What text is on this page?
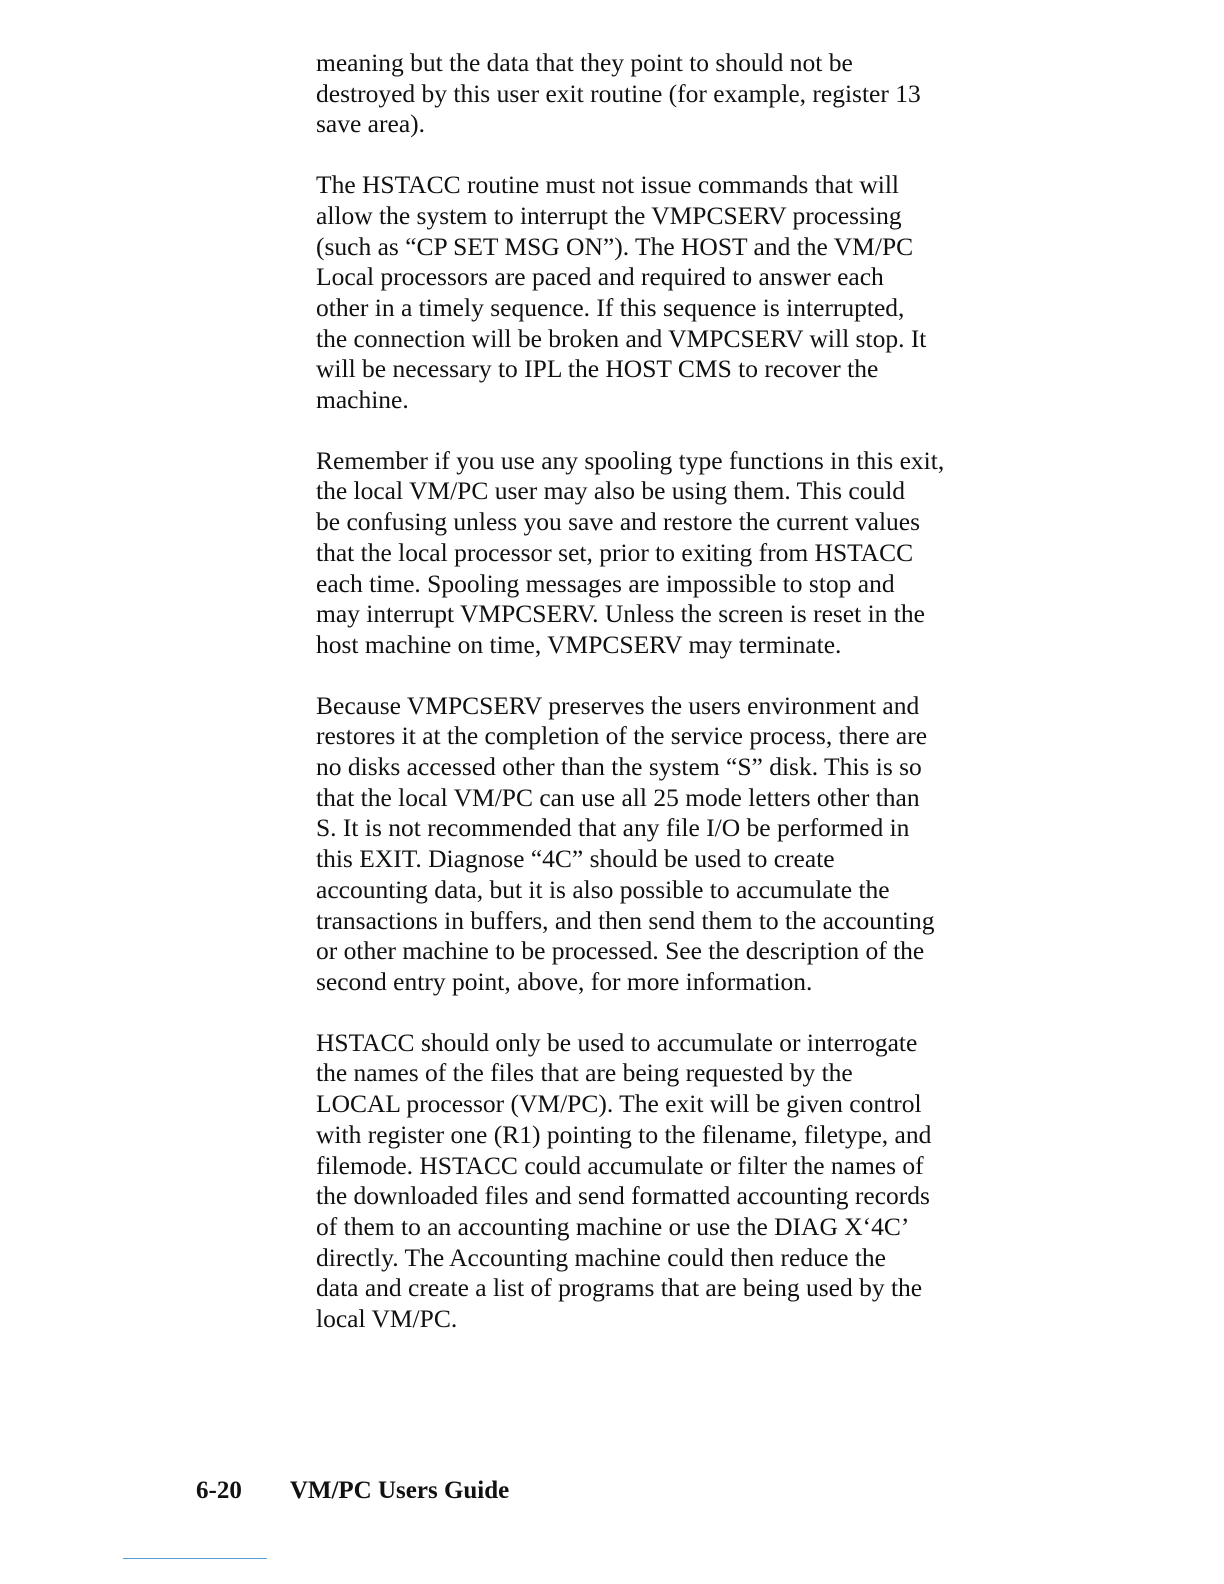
meaning but the data that they point to should not be
destroyed by this user exit routine (for example, register 13
save area).

The HSTACC routine must not issue commands that will
allow the system to interrupt the VMPCSERV processing
(such as “CP SET MSG ON”). The HOST and the VM/PC
Local processors are paced and required to answer each
other in a timely sequence. If this sequence is interrupted,
the connection will be broken and VMPCSERV will stop. It
will be necessary to IPL the HOST CMS to recover the
machine.

Remember if you use any spooling type functions in this exit,
the local VM/PC user may also be using them. This could
be confusing unless you save and restore the current values
that the local processor set, prior to exiting from HSTACC
each time. Spooling messages are impossible to stop and
may interrupt VMPCSERV. Unless the screen is reset in the
host machine on time, VMPCSERV may terminate.

Because VMPCSERV preserves the users environment and
restores it at the completion of the service process, there are
no disks accessed other than the system “S” disk. This is so
that the local VM/PC can use all 25 mode letters other than
S. It is not recommended that any file I/O be performed in
this EXIT. Diagnose “4C” should be used to create
accounting data, but it is also possible to accumulate the
transactions in buffers, and then send them to the accounting
or other machine to be processed. See the description of the
second entry point, above, for more information.

HSTACC should only be used to accumulate or interrogate
the names of the files that are being requested by the
LOCAL processor (VM/PC). The exit will be given control
with register one (R1) pointing to the filename, filetype, and
filemode. HSTACC could accumulate or filter the names of
the downloaded files and send formatted accounting records
of them to an accounting machine or use the DIAG X‘4C’
directly. The Accounting machine could then reduce the
data and create a list of programs that are being used by the
local VM/PC.

6-20 VM/PC Users Guide
